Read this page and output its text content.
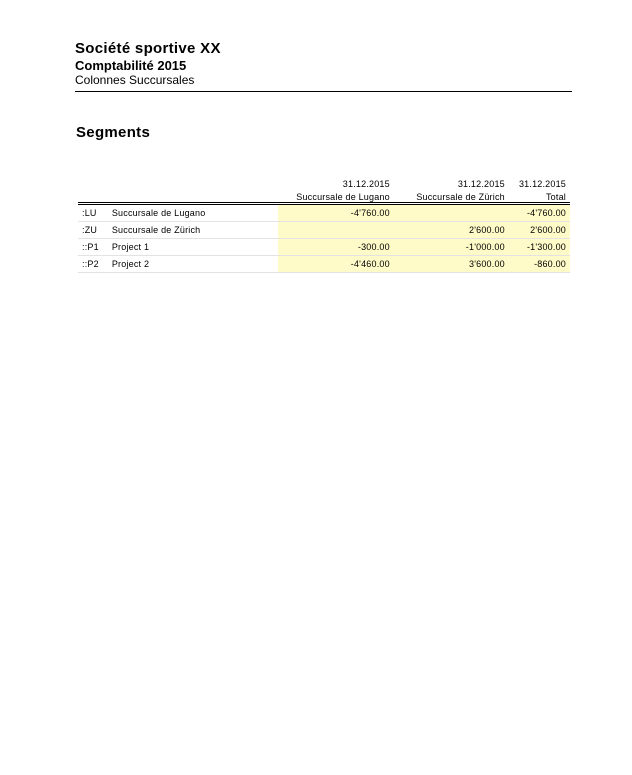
Société sportive XX
Comptabilité 2015
Colonnes Succursales
Segments
		31.12.2015	31.12.2015	31.12.2015
		Succursale de Lugano	Succursale de Zürich	Total
:LU	Succursale de Lugano	-4'760.00		-4'760.00
:ZU	Succursale de Zürich		2'600.00	2'600.00
::P1	Project 1	-300.00	-1'000.00	-1'300.00
::P2	Project 2	-4'460.00	3'600.00	-860.00
